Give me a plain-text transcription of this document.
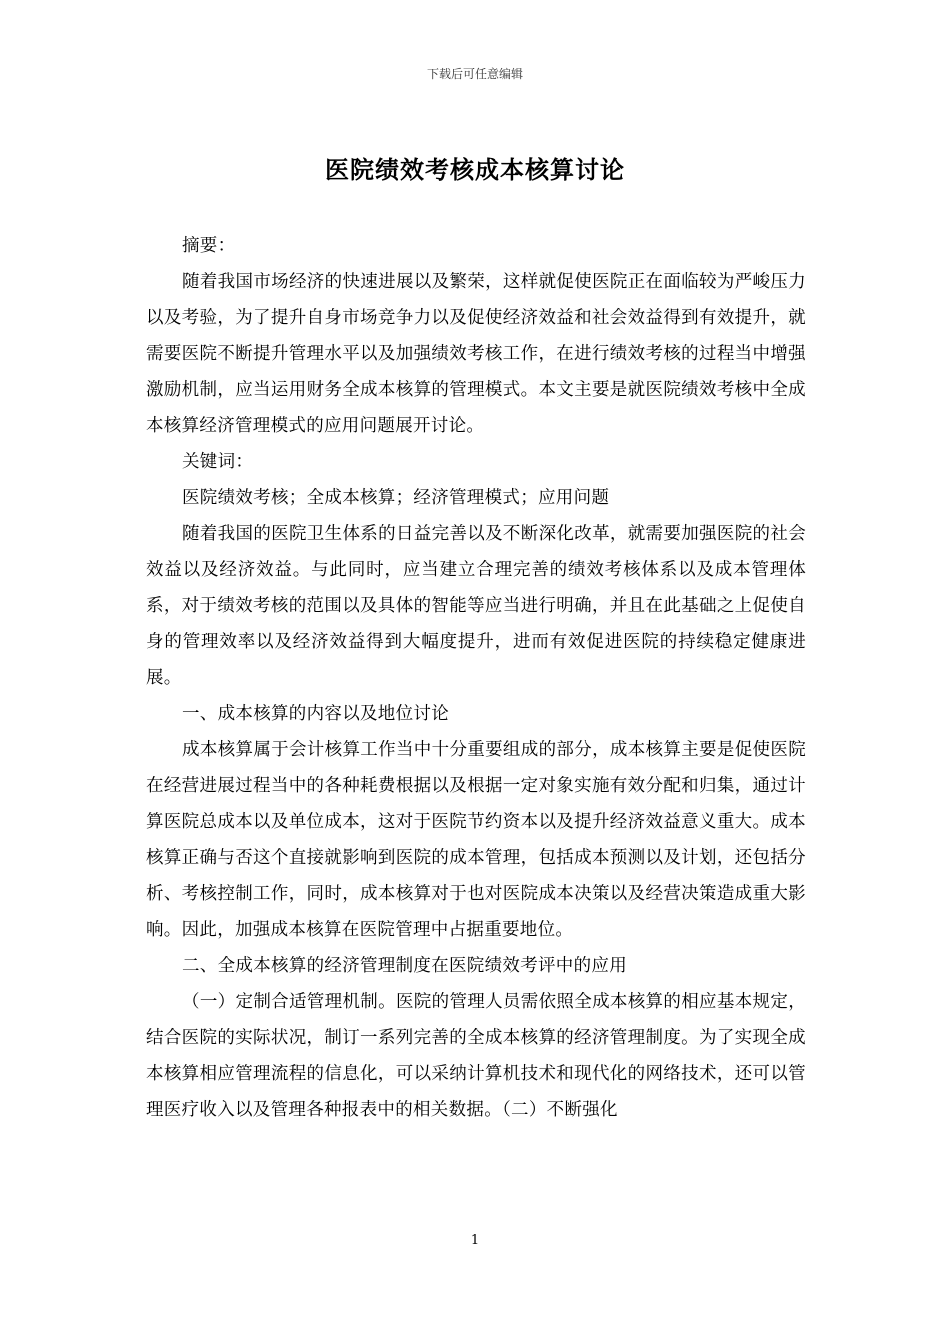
下载后可任意编辑
医院绩效考核成本核算讨论

摘要：

随着我国市场经济的快速进展以及繁荣，这样就促使医院正在面临较为严峻压力以及考验，为了提升自身市场竞争力以及促使经济效益和社会效益得到有效提升，就需要医院不断提升管理水平以及加强绩效考核工作，在进行绩效考核的过程当中增强激励机制，应当运用财务全成本核算的管理模式。本文主要是就医院绩效考核中全成本核算经济管理模式的应用问题展开讨论。

关键词：

医院绩效考核；全成本核算；经济管理模式；应用问题

随着我国的医院卫生体系的日益完善以及不断深化改革，就需要加强医院的社会效益以及经济效益。与此同时，应当建立合理完善的绩效考核体系以及成本管理体系，对于绩效考核的范围以及具体的智能等应当进行明确，并且在此基础之上促使自身的管理效率以及经济效益得到大幅度提升，进而有效促进医院的持续稳定健康进展。

一、成本核算的内容以及地位讨论

成本核算属于会计核算工作当中十分重要组成的部分，成本核算主要是促使医院在经营进展过程当中的各种耗费根据以及根据一定对象实施有效分配和归集，通过计算医院总成本以及单位成本，这对于医院节约资本以及提升经济效益意义重大。成本核算正确与否这个直接就影响到医院的成本管理，包括成本预测以及计划，还包括分析、考核控制工作，同时，成本核算对于也对医院成本决策以及经营决策造成重大影响。因此，加强成本核算在医院管理中占据重要地位。

二、全成本核算的经济管理制度在医院绩效考评中的应用

（一）定制合适管理机制。医院的管理人员需依照全成本核算的相应基本规定，结合医院的实际状况，制订一系列完善的全成本核算的经济管理制度。为了实现全成本核算相应管理流程的信息化，可以采纳计算机技术和现代化的网络技术，还可以管理医疗收入以及管理各种报表中的相关数据。（二）不断强化

1
